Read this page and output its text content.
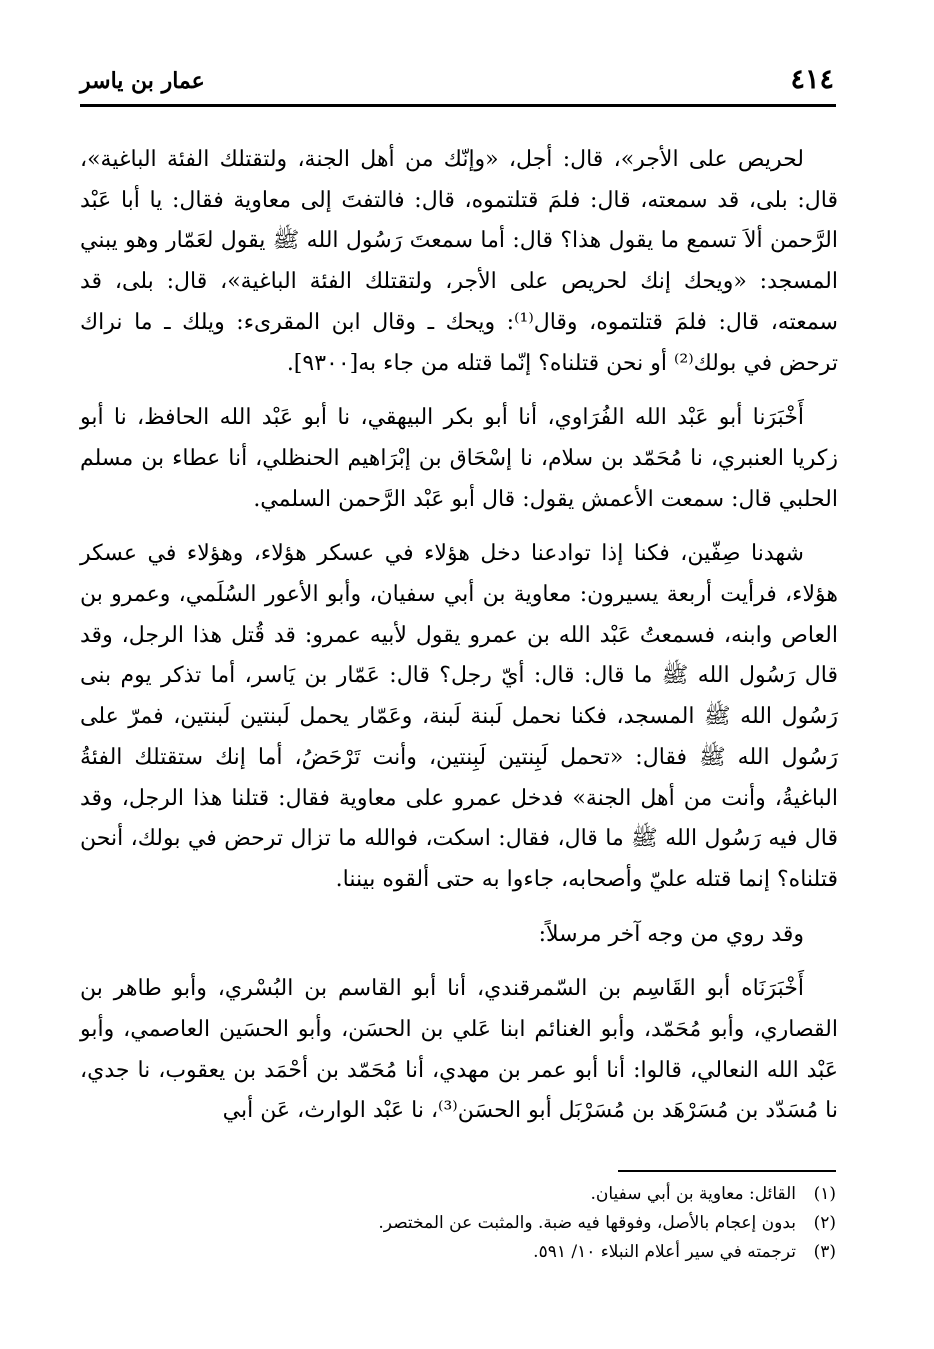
٤١٤
عمار بن ياسر

لحريص على الأجر»، قال: أجل، «وإنّك من أهل الجنة، ولتقتلك الفئة الباغية»، قال: بلى، قد سمعته، قال: فلمَ قتلتموه، قال: فالتفتَ إلى معاوية فقال: يا أبا عَبْد الرَّحمن ألاَ تسمع ما يقول هذا؟ قال: أما سمعتَ رَسُول الله ﷺ يقول لعَمّار وهو يبني المسجد: «ويحك إنك لحريص على الأجر، ولتقتلك الفئة الباغية»، قال: بلى، قد سمعته، قال: فلمَ قتلتموه، وقال⁽¹⁾: ويحك ـ وقال ابن المقرىء: ويلك ـ ما نراك ترحض في بولك⁽²⁾ أو نحن قتلناه؟ إنّما قتله من جاء به[٩٣٠٠].

أَخْبَرَنا أبو عَبْد الله الفُرَاوي، أنا أبو بكر البيهقي، نا أبو عَبْد الله الحافظ، نا أبو زكريا العنبري، نا مُحَمّد بن سلام، نا إسْحَاق بن إبْرَاهيم الحنظلي، أنا عطاء بن مسلم الحلبي قال: سمعت الأعمش يقول: قال أبو عَبْد الرَّحمن السلمي.

شهدنا صِفّين، فكنا إذا توادعنا دخل هؤلاء في عسكر هؤلاء، وهؤلاء في عسكر هؤلاء، فرأيت أربعة يسيرون: معاوية بن أبي سفيان، وأبو الأعور السُلَمي، وعمرو بن العاص وابنه، فسمعتُ عَبْد الله بن عمرو يقول لأبيه عمرو: قد قُتل هذا الرجل، وقد قال رَسُول الله ﷺ ما قال: قال: أيّ رجل؟ قال: عَمّار بن يَاسر، أما تذكر يوم بنى رَسُول الله ﷺ المسجد، فكنا نحمل لَبنة لَبنة، وعَمّار يحمل لَبنتين لَبنتين، فمرّ على رَسُول الله ﷺ فقال: «تحمل لَبِنتين لَبِنتين، وأنت تَرْحَضُ، أما إنك ستقتلك الفئةُ الباغيةُ، وأنت من أهل الجنة» فدخل عمرو على معاوية فقال: قتلنا هذا الرجل، وقد قال فيه رَسُول الله ﷺ ما قال، فقال: اسكت، فوالله ما تزال ترحض في بولك، أنحن قتلناه؟ إنما قتله عليّ وأصحابه، جاءوا به حتى ألقوه بيننا.

وقد روي من وجه آخر مرسلاً:

أَخْبَرَنَاه أبو القَاسِم بن السّمرقندي، أنا أبو القاسم بن البُسْري، وأبو طاهر بن القصاري، وأبو مُحَمّد، وأبو الغنائم ابنا عَلي بن الحسَن، وأبو الحسَين العاصمي، وأبو عَبْد الله النعالي، قالوا: أنا أبو عمر بن مهدي، أنا مُحَمّد بن أحْمَد بن يعقوب، نا جدي، نا مُسَدّد بن مُسَرْهَد بن مُسَرْبَل أبو الحسَن⁽³⁾، نا عَبْد الوارث، عَن أبي

(١)القائل: معاوية بن أبي سفيان.
(٢)بدون إعجام بالأصل، وفوقها فيه ضبة. والمثبت عن المختصر.
(٣)ترجمته في سير أعلام النبلاء ١٠/ ٥٩١.
